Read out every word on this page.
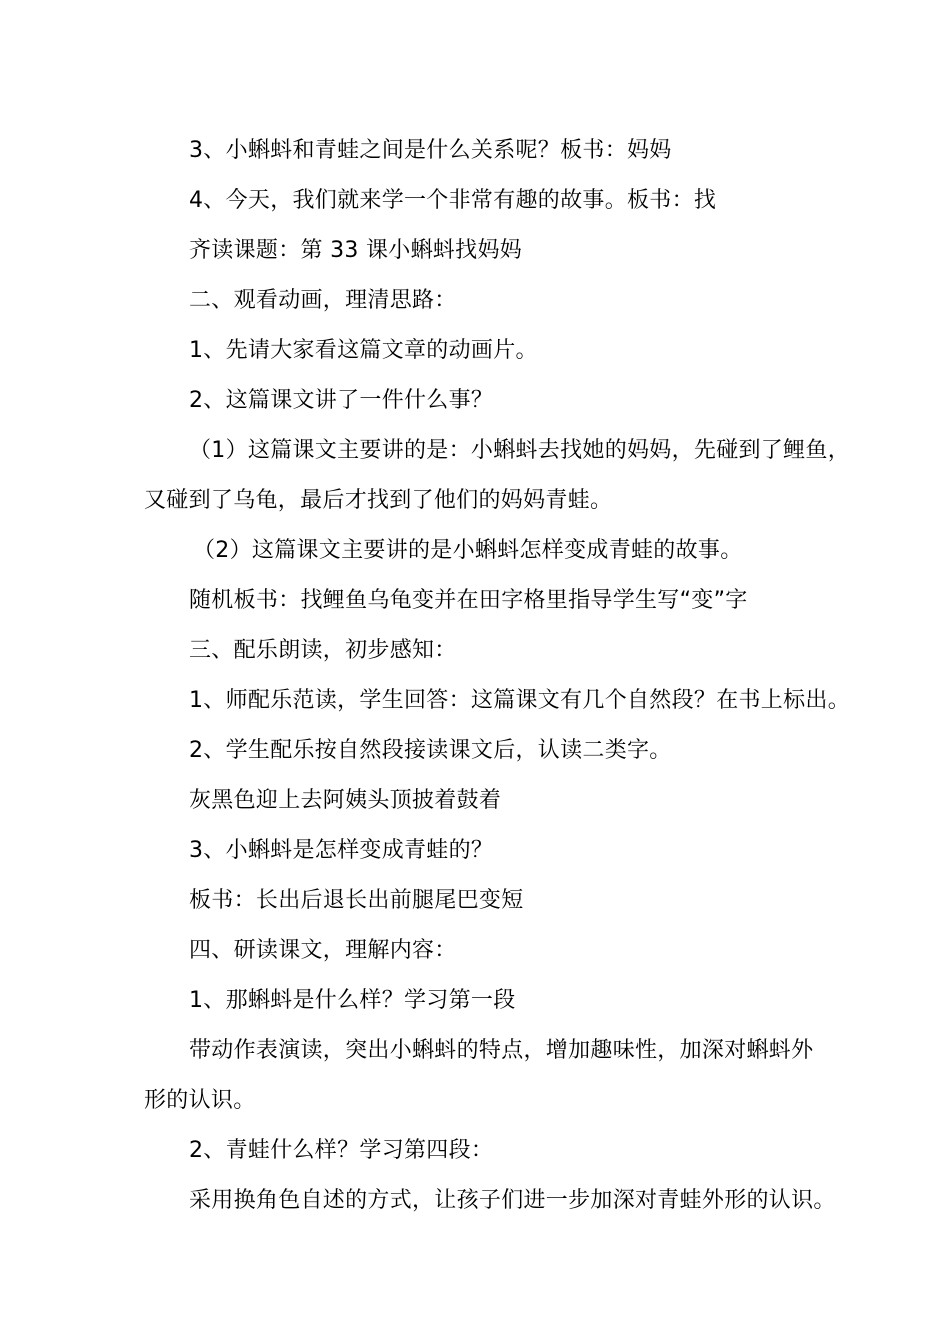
3、小蝌蚪和青蛙之间是什么关系呢？板书：妈妈
4、今天，我们就来学一个非常有趣的故事。板书：找
齐读课题：第 33 课小蝌蚪找妈妈
二、观看动画，理清思路：
1、先请大家看这篇文章的动画片。
2、这篇课文讲了一件什么事？
（1）这篇课文主要讲的是：小蝌蚪去找她的妈妈，先碰到了鲤鱼，
又碰到了乌龟，最后才找到了他们的妈妈青蛙。
（2）这篇课文主要讲的是小蝌蚪怎样变成青蛙的故事。
随机板书：找鲤鱼乌龟变并在田字格里指导学生写“变”字
三、配乐朗读，初步感知：
1、师配乐范读，学生回答：这篇课文有几个自然段？在书上标出。
2、学生配乐按自然段接读课文后，认读二类字。
灰黑色迎上去阿姨头顶披着鼓着
3、小蝌蚪是怎样变成青蛙的？
板书：长出后退长出前腿尾巴变短
四、研读课文，理解内容：
1、那蝌蚪是什么样？学习第一段
带动作表演读，突出小蝌蚪的特点，增加趣味性，加深对蝌蚪外
形的认识。
2、青蛙什么样？学习第四段：
采用换角色自述的方式，让孩子们进一步加深对青蛙外形的认识。
